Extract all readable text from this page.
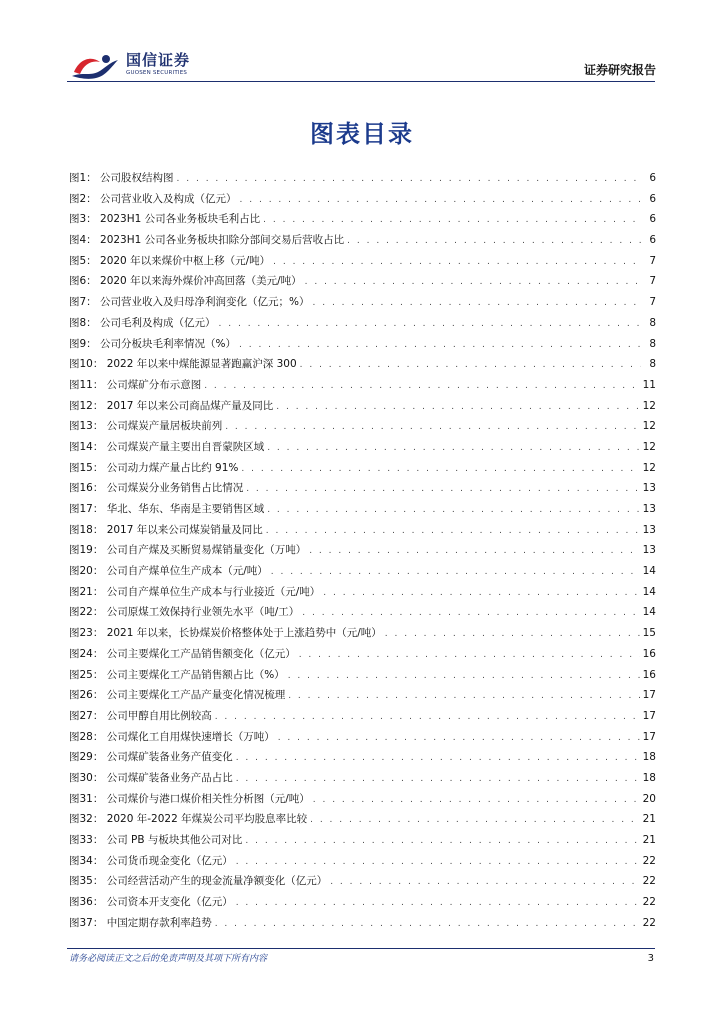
国信证券
GUOSEN SECURITIES	证券研究报告
图表目录
图1： 公司股权结构图 . . .	6
图2： 公司营业收入及构成（亿元） . . .	6
图3： 2023H1 公司各业务板块毛利占比 . . .	6
图4： 2023H1 公司各业务板块扣除分部间交易后营收占比 . . .	6
图5： 2020 年以来煤价中枢上移（元/吨） . . .	7
图6： 2020 年以来海外煤价冲高回落（美元/吨） . . .	7
图7： 公司营业收入及归母净利润变化（亿元；%） . . .	7
图8： 公司毛利及构成（亿元） . . .	8
图9： 公司分板块毛利率情况（%） . . .	8
图10： 2022 年以来中煤能源显著跑赢沪深 300 . . .	8
图11： 公司煤矿分布示意图 . . .	11
图12： 2017 年以来公司商品煤产量及同比 . . .	12
图13： 公司煤炭产量居板块前列 . . .	12
图14： 公司煤炭产量主要出自晋蒙陕区域 . . .	12
图15： 公司动力煤产量占比约 91% . . .	12
图16： 公司煤炭分业务销售占比情况 . . .	13
图17： 华北、华东、华南是主要销售区域 . . .	13
图18： 2017 年以来公司煤炭销量及同比 . . .	13
图19： 公司自产煤及买断贸易煤销量变化（万吨） . . .	13
图20： 公司自产煤单位生产成本（元/吨） . . .	14
图21： 公司自产煤单位生产成本与行业接近（元/吨） . . .	14
图22： 公司原煤工效保持行业领先水平（吨/工） . . .	14
图23： 2021 年以来，长协煤炭价格整体处于上涨趋势中（元/吨） . . .	15
图24： 公司主要煤化工产品销售额变化（亿元） . . .	16
图25： 公司主要煤化工产品销售额占比（%） . . .	16
图26： 公司主要煤化工产品产量变化情况梳理 . . .	17
图27： 公司甲醇自用比例较高 . . .	17
图28： 公司煤化工自用煤快速增长（万吨） . . .	17
图29： 公司煤矿装备业务产值变化 . . .	18
图30： 公司煤矿装备业务产品占比 . . .	18
图31： 公司煤价与港口煤价相关性分析图（元/吨） . . .	20
图32： 2020 年-2022 年煤炭公司平均股息率比较 . . .	21
图33： 公司 PB 与板块其他公司对比 . . .	21
图34： 公司货币现金变化（亿元） . . .	22
图35： 公司经营活动产生的现金流量净额变化（亿元） . . .	22
图36： 公司资本开支变化（亿元） . . .	22
图37： 中国定期存款利率趋势 . . .	22
请务必阅读正文之后的免责声明及其项下所有内容	3
